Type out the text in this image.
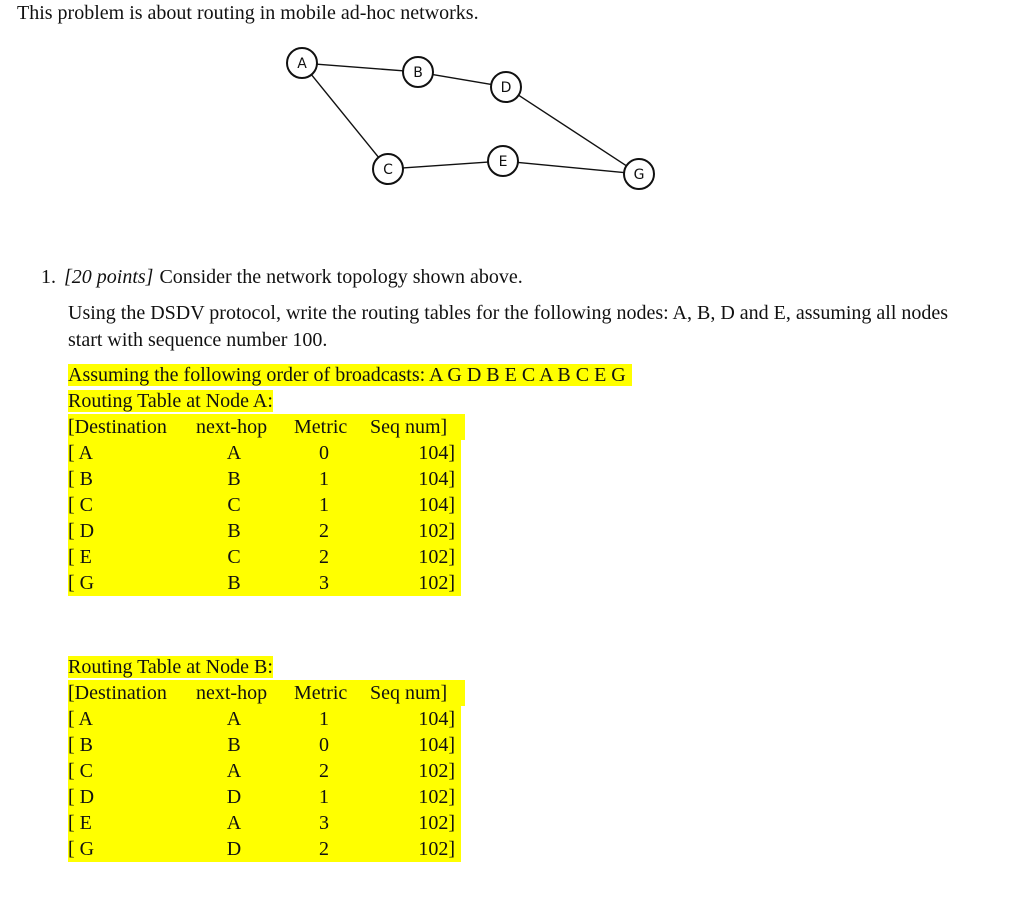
This problem is about routing in mobile ad-hoc networks.
A
B
C
D
E
G
1. [20 points] Consider the network topology shown above.
Using the DSDV protocol, write the routing tables for the following nodes: A, B, D and E, assuming all nodes start with sequence number 100.
Assuming the following order of broadcasts: A G D B E C A B C E G
Routing Table at Node A:
[Destination next-hop Metric Seq num]
[ A	A	0	104]
[ B	B	1	104]
[ C	C	1	104]
[ D	B	2	102]
[ E	C	2	102]
[ G	B	3	102]
Routing Table at Node B:
[Destination next-hop Metric Seq num]
[ A	A	1	104]
[ B	B	0	104]
[ C	A	2	102]
[ D	D	1	102]
[ E	A	3	102]
[ G	D	2	102]
